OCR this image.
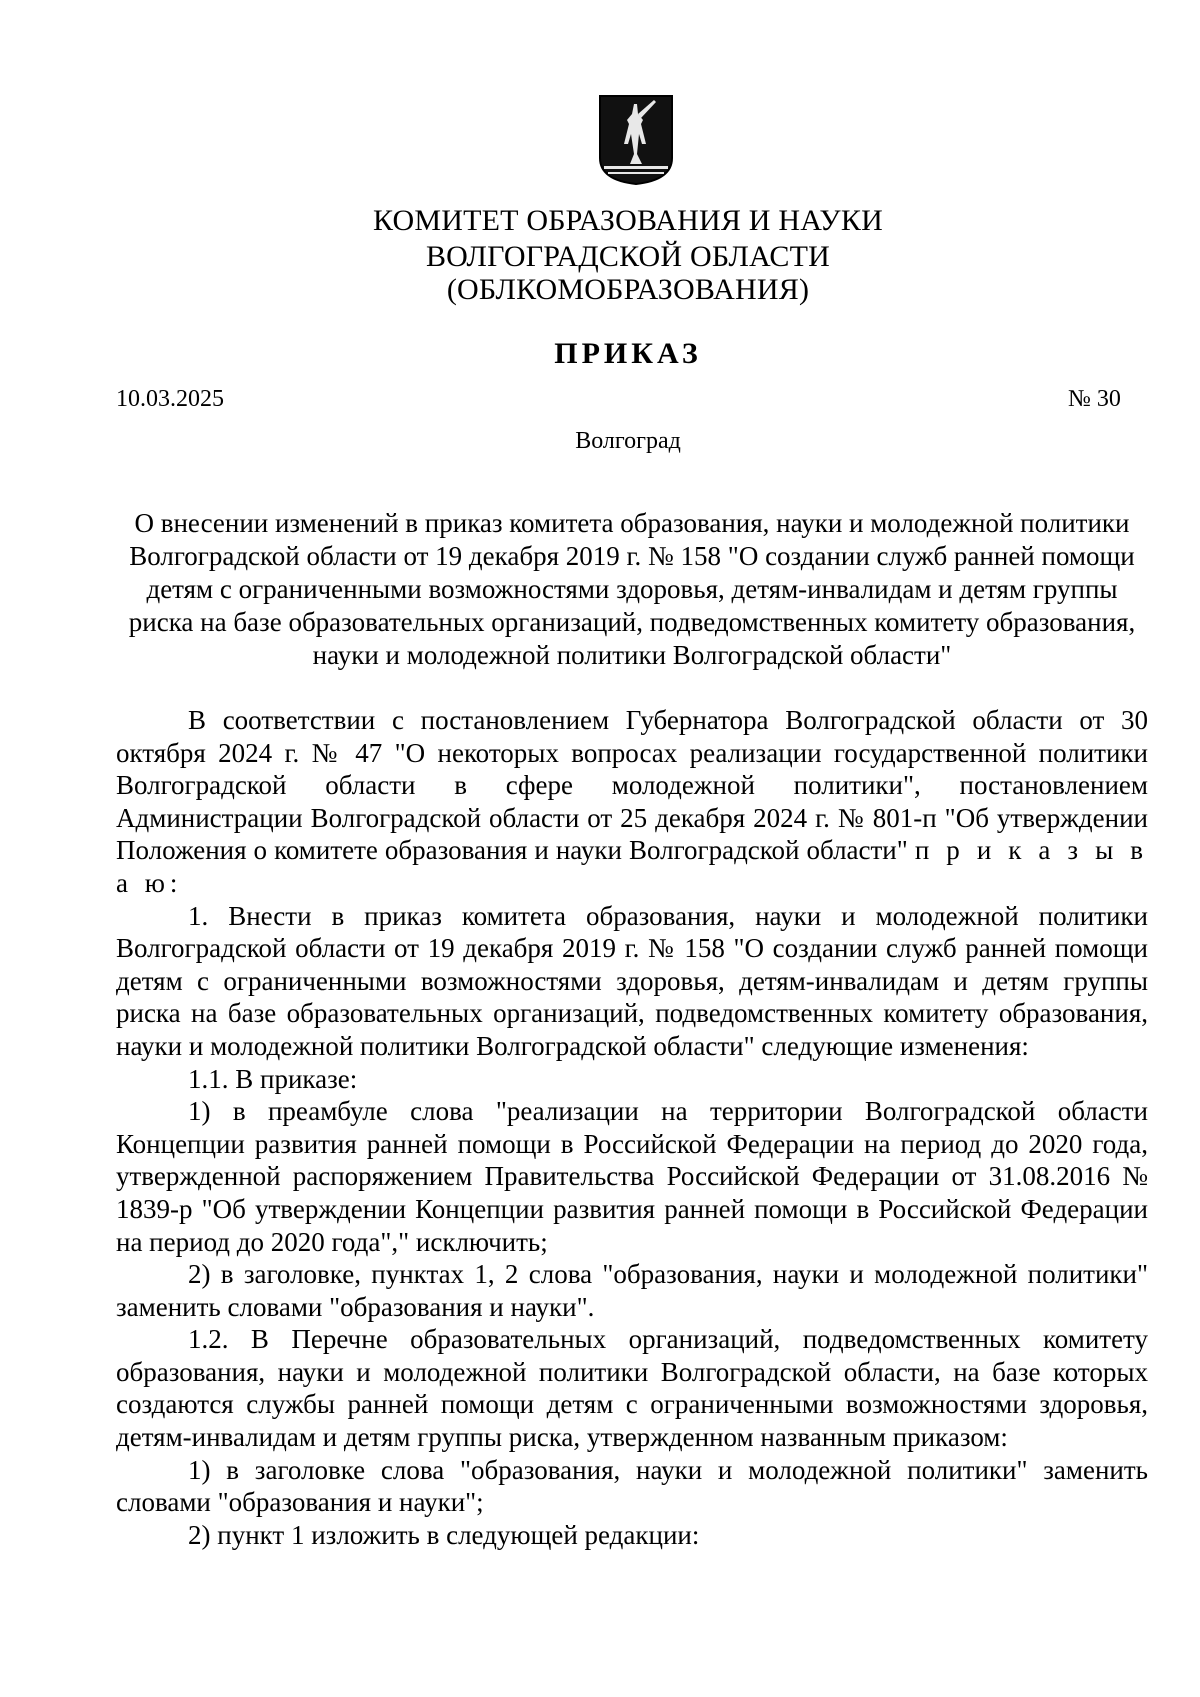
КОМИТЕТ ОБРАЗОВАНИЯ И НАУКИ
ВОЛГОГРАДСКОЙ ОБЛАСТИ
(ОБЛКОМОБРАЗОВАНИЯ)
ПРИКАЗ
10.03.2025	№ 30
Волгоград
О внесении изменений в приказ комитета образования, науки и молодежной политики Волгоградской области от 19 декабря 2019 г. № 158 "О создании служб ранней помощи детям с ограниченными возможностями здоровья, детям-инвалидам и детям группы риска на базе образовательных организаций, подведомственных комитету образования, науки и молодежной политики Волгоградской области"

В соответствии с постановлением Губернатора Волгоградской области от 30 октября 2024 г. № 47 "О некоторых вопросах реализации государственной политики Волгоградской области в сфере молодежной политики", постановлением Администрации Волгоградской области от 25 декабря 2024 г. № 801-п "Об утверждении Положения о комитете образования и науки Волгоградской области" п р и к а з ы в а ю:

1. Внести в приказ комитета образования, науки и молодежной политики Волгоградской области от 19 декабря 2019 г. № 158 "О создании служб ранней помощи детям с ограниченными возможностями здоровья, детям-инвалидам и детям группы риска на базе образовательных организаций, подведомственных комитету образования, науки и молодежной политики Волгоградской области" следующие изменения:

1.1. В приказе:

1) в преамбуле слова "реализации на территории Волгоградской области Концепции развития ранней помощи в Российской Федерации на период до 2020 года, утвержденной распоряжением Правительства Российской Федерации от 31.08.2016 № 1839-р "Об утверждении Концепции развития ранней помощи в Российской Федерации на период до 2020 года"," исключить;

2) в заголовке, пунктах 1, 2 слова "образования, науки и молодежной политики" заменить словами "образования и науки".

1.2. В Перечне образовательных организаций, подведомственных комитету образования, науки и молодежной политики Волгоградской области, на базе которых создаются службы ранней помощи детям с ограниченными возможностями здоровья, детям-инвалидам и детям группы риска, утвержденном названным приказом:

1) в заголовке слова "образования, науки и молодежной политики" заменить словами "образования и науки";

2) пункт 1 изложить в следующей редакции:
